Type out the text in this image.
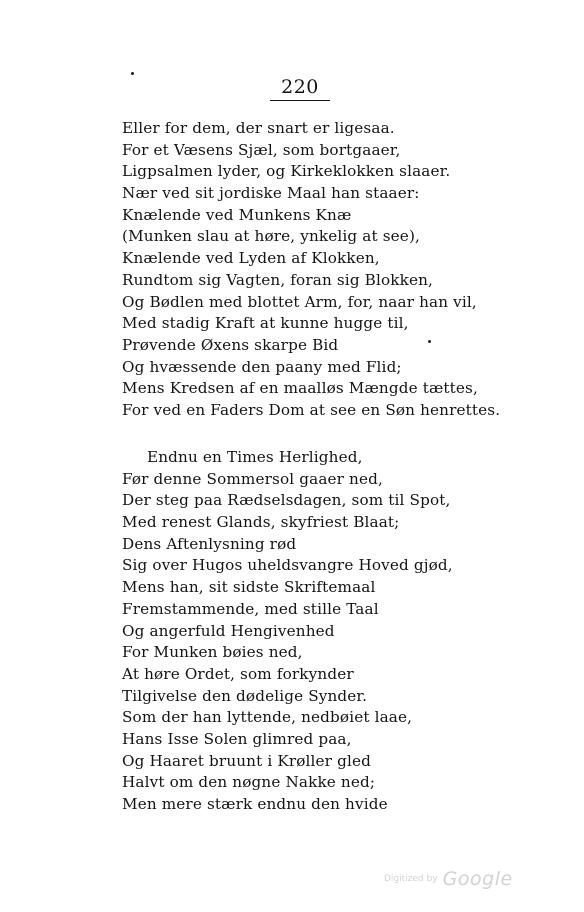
220
Eller for dem, der snart er ligesaa.
For et Væsens Sjæl, som bortgaaer,
Ligpsalmen lyder, og Kirkeklokken slaaer.
Nær ved sit jordiske Maal han staaer:
Knælende ved Munkens Knæ
(Munken slau at høre, ynkelig at see),
Knælende ved Lyden af Klokken,
Rundtom sig Vagten, foran sig Blokken,
Og Bødlen med blottet Arm, for, naar han vil,
Med stadig Kraft at kunne hugge til,
Prøvende Øxens skarpe Bid
Og hvæssende den paany med Flid;
Mens Kredsen af en maalløs Mængde tættes,
For ved en Faders Dom at see en Søn henrettes.
Endnu en Times Herlighed,
Før denne Sommersol gaaer ned,
Der steg paa Rædselsdagen, som til Spot,
Med renest Glands, skyfriest Blaat;
Dens Aftenlysning rød
Sig over Hugos uheldsvangre Hoved gjød,
Mens han, sit sidste Skriftemaal
Fremstammende, med stille Taal
Og angerfuld Hengivenhed
For Munken bøies ned,
At høre Ordet, som forkynder
Tilgivelse den dødelige Synder.
Som der han lyttende, nedbøiet laae,
Hans Isse Solen glimred paa,
Og Haaret bruunt i Krøller gled
Halvt om den nøgne Nakke ned;
Men mere stærk endnu den hvide
Digitized by Google
